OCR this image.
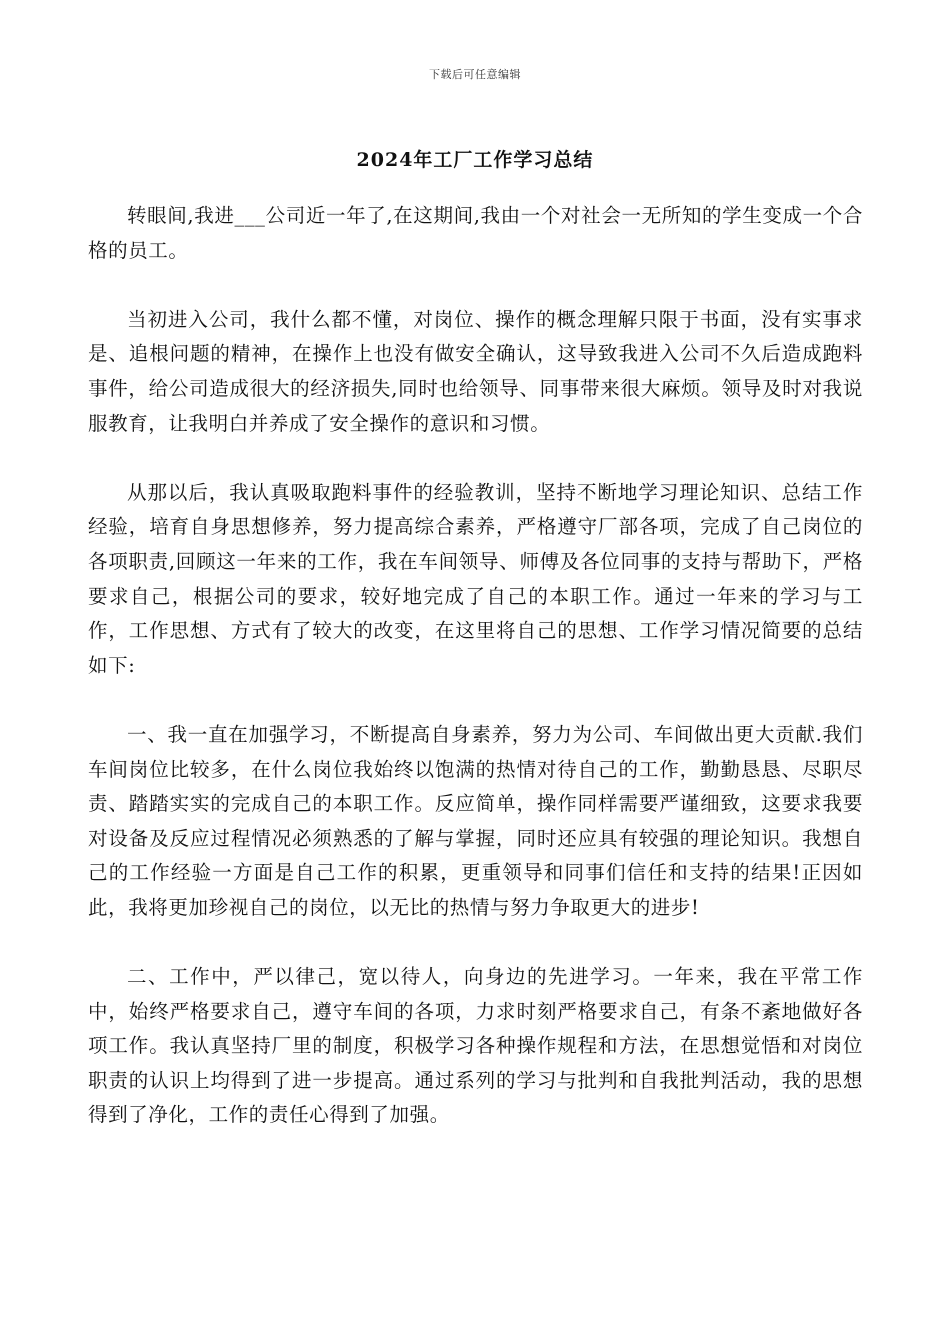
下载后可任意编辑
2024年工厂工作学习总结

转眼间,我进___公司近一年了,在这期间,我由一个对社会一无所知的学生变成一个合格的员工。

当初进入公司，我什么都不懂，对岗位、操作的概念理解只限于书面，没有实事求是、追根问题的精神，在操作上也没有做安全确认，这导致我进入公司不久后造成跑料事件，给公司造成很大的经济损失,同时也给领导、同事带来很大麻烦。领导及时对我说服教育，让我明白并养成了安全操作的意识和习惯。

从那以后，我认真吸取跑料事件的经验教训，坚持不断地学习理论知识、总结工作经验，培育自身思想修养，努力提高综合素养，严格遵守厂部各项，完成了自己岗位的各项职责,回顾这一年来的工作，我在车间领导、师傅及各位同事的支持与帮助下，严格要求自己，根据公司的要求，较好地完成了自己的本职工作。通过一年来的学习与工作，工作思想、方式有了较大的改变，在这里将自己的思想、工作学习情况简要的总结如下:

一、我一直在加强学习，不断提高自身素养，努力为公司、车间做出更大贡献.我们车间岗位比较多，在什么岗位我始终以饱满的热情对待自己的工作，勤勤恳恳、尽职尽责、踏踏实实的完成自己的本职工作。反应简单，操作同样需要严谨细致，这要求我要对设备及反应过程情况必须熟悉的了解与掌握，同时还应具有较强的理论知识。我想自己的工作经验一方面是自己工作的积累，更重领导和同事们信任和支持的结果!正因如此，我将更加珍视自己的岗位，以无比的热情与努力争取更大的进步!

二、工作中，严以律己，宽以待人，向身边的先进学习。一年来，我在平常工作中，始终严格要求自己，遵守车间的各项，力求时刻严格要求自己，有条不紊地做好各项工作。我认真坚持厂里的制度，积极学习各种操作规程和方法，在思想觉悟和对岗位职责的认识上均得到了进一步提高。通过系列的学习与批判和自我批判活动，我的思想得到了净化，工作的责任心得到了加强。
